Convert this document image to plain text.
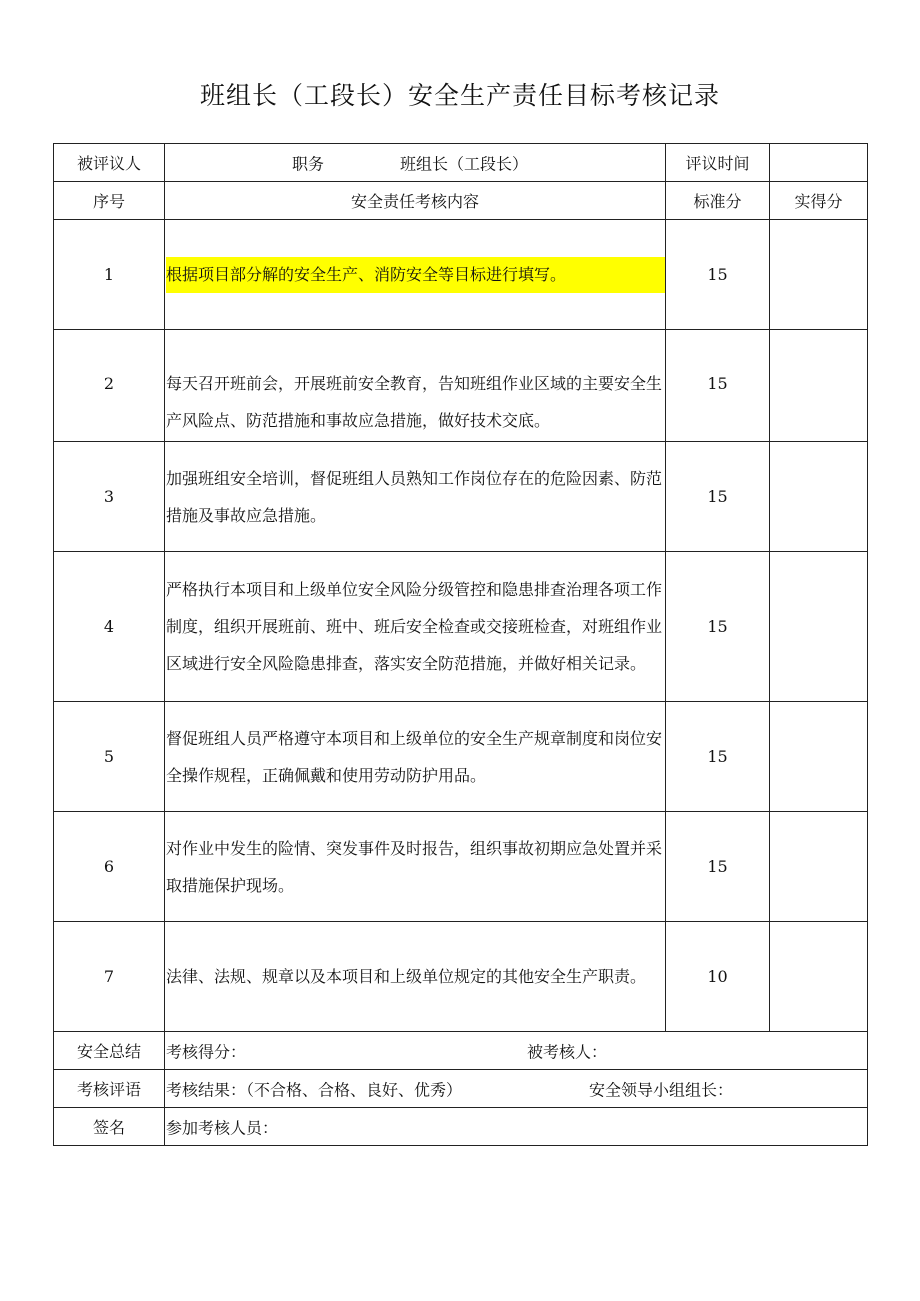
班组长（工段长）安全生产责任目标考核记录
被评议人	职务 班组长（工段长）	评议时间	
序号	安全责任考核内容	标准分	实得分
1	根据项目部分解的安全生产、消防安全等目标进行填写。	15	
2	每天召开班前会，开展班前安全教育，告知班组作业区域的主要安全生产风险点、防范措施和事故应急措施，做好技术交底。	15	
3	加强班组安全培训，督促班组人员熟知工作岗位存在的危险因素、防范措施及事故应急措施。	15	
4	严格执行本项目和上级单位安全风险分级管控和隐患排查治理各项工作制度，组织开展班前、班中、班后安全检查或交接班检查，对班组作业区域进行安全风险隐患排查，落实安全防范措施，并做好相关记录。	15	
5	督促班组人员严格遵守本项目和上级单位的安全生产规章制度和岗位安全操作规程，正确佩戴和使用劳动防护用品。	15	
6	对作业中发生的险情、突发事件及时报告，组织事故初期应急处置并采取措施保护现场。	15	
7	法律、法规、规章以及本项目和上级单位规定的其他安全生产职责。	10	
安全总结	考核得分： 被考核人：		

考核评语	考核结果：（不合格、合格、良好、优秀） 安全领导小组组长：		

签名	参加考核人员：		
